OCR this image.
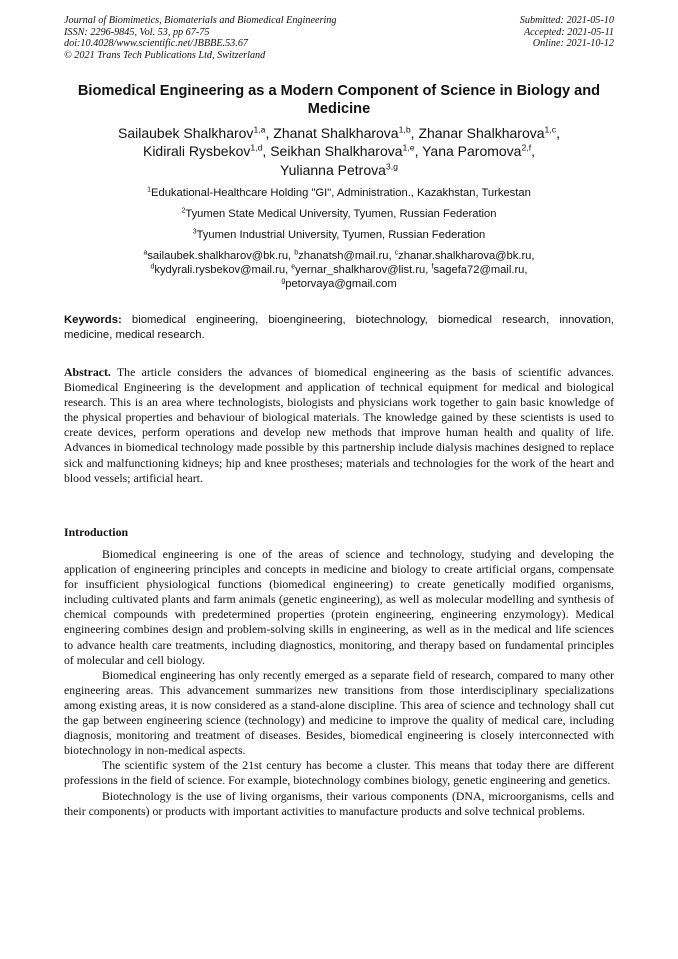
Journal of Biomimetics, Biomaterials and Biomedical Engineering
ISSN: 2296-9845, Vol. 53, pp 67-75
doi:10.4028/www.scientific.net/JBBBE.53.67
© 2021 Trans Tech Publications Ltd, Switzerland
Submitted: 2021-05-10
Accepted: 2021-05-11
Online: 2021-10-12
Biomedical Engineering as a Modern Component of Science in Biology and Medicine
Sailaubek Shalkharov$^{1,a}$, Zhanat Shalkharova$^{1,b}$, Zhanar Shalkharova$^{1,c}$,
Kidirali Rysbekov$^{1,d}$, Seikhan Shalkharova$^{1,e}$, Yana Paromova$^{2,f}$,
Yulianna Petrova$^{3,g}$
$^1$Edukational-Healthcare Holding "GI", Administration., Kazakhstan, Turkestan
$^2$Tyumen State Medical University, Tyumen, Russian Federation
$^3$Tyumen Industrial University, Tyumen, Russian Federation
$^a$sailaubek.shalkharov@bk.ru, $^b$zhanatsh@mail.ru, $^c$zhanar.shalkharova@bk.ru,
$^d$kydyrali.rysbekov@mail.ru, $^e$yernar_shalkharov@list.ru, $^f$sagefa72@mail.ru,
$^g$petorvaya@gmail.com
Keywords: biomedical engineering, bioengineering, biotechnology, biomedical research, innovation, medicine, medical research.
Abstract. The article considers the advances of biomedical engineering as the basis of scientific advances. Biomedical Engineering is the development and application of technical equipment for medical and biological research. This is an area where technologists, biologists and physicians work together to gain basic knowledge of the physical properties and behaviour of biological materials. The knowledge gained by these scientists is used to create devices, perform operations and develop new methods that improve human health and quality of life. Advances in biomedical technology made possible by this partnership include dialysis machines designed to replace sick and malfunctioning kidneys; hip and knee prostheses; materials and technologies for the work of the heart and blood vessels; artificial heart.
Introduction

Biomedical engineering is one of the areas of science and technology, studying and developing the application of engineering principles and concepts in medicine and biology to create artificial organs, compensate for insufficient physiological functions (biomedical engineering) to create genetically modified organisms, including cultivated plants and farm animals (genetic engineering), as well as molecular modelling and synthesis of chemical compounds with predetermined properties (protein engineering, engineering enzymology). Medical engineering combines design and problem-solving skills in engineering, as well as in the medical and life sciences to advance health care treatments, including diagnostics, monitoring, and therapy based on fundamental principles of molecular and cell biology.

Biomedical engineering has only recently emerged as a separate field of research, compared to many other engineering areas. This advancement summarizes new transitions from those interdisciplinary specializations among existing areas, it is now considered as a stand-alone discipline. This area of science and technology shall cut the gap between engineering science (technology) and medicine to improve the quality of medical care, including diagnosis, monitoring and treatment of diseases. Besides, biomedical engineering is closely interconnected with biotechnology in non-medical aspects.

The scientific system of the 21st century has become a cluster. This means that today there are different professions in the field of science. For example, biotechnology combines biology, genetic engineering and genetics.

Biotechnology is the use of living organisms, their various components (DNA, microorganisms, cells and their components) or products with important activities to manufacture products and solve technical problems.
